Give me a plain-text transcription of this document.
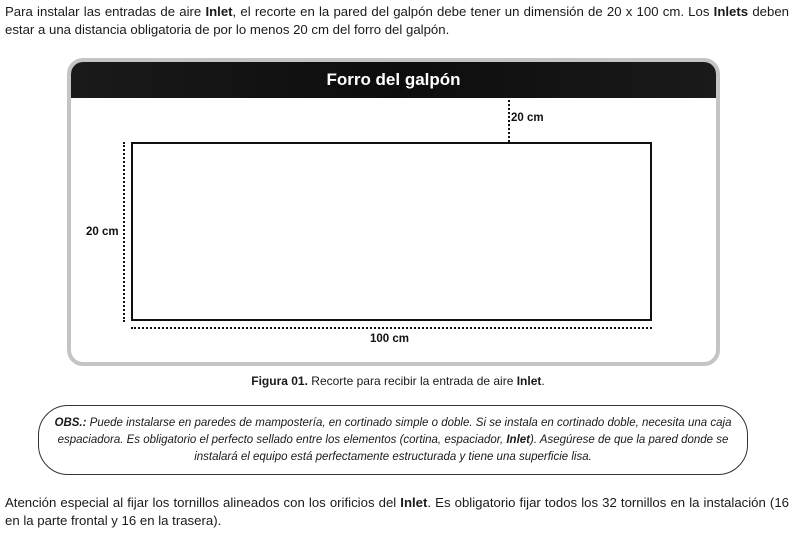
Para instalar las entradas de aire Inlet, el recorte en la pared del galpón debe tener un dimensión de 20 x 100 cm. Los Inlets deben estar a una distancia obligatoria de por lo menos 20 cm del forro del galpón.

Forro del galpón
20 cm
20 cm
100 cm
Figura 01. Recorte para recibir la entrada de aire Inlet.
OBS.: Puede instalarse en paredes de mampostería, en cortinado simple o doble. Si se instala en cortinado doble, necesita una caja espaciadora. Es obligatorio el perfecto sellado entre los elementos (cortina, espaciador, Inlet). Asegúrese de que la pared donde se instalará el equipo está perfectamente estructurada y tiene una superficie lisa.

Atención especial al fijar los tornillos alineados con los orificios del Inlet. Es obligatorio fijar todos los 32 tornillos en la instalación (16 en la parte frontal y 16 en la trasera).
